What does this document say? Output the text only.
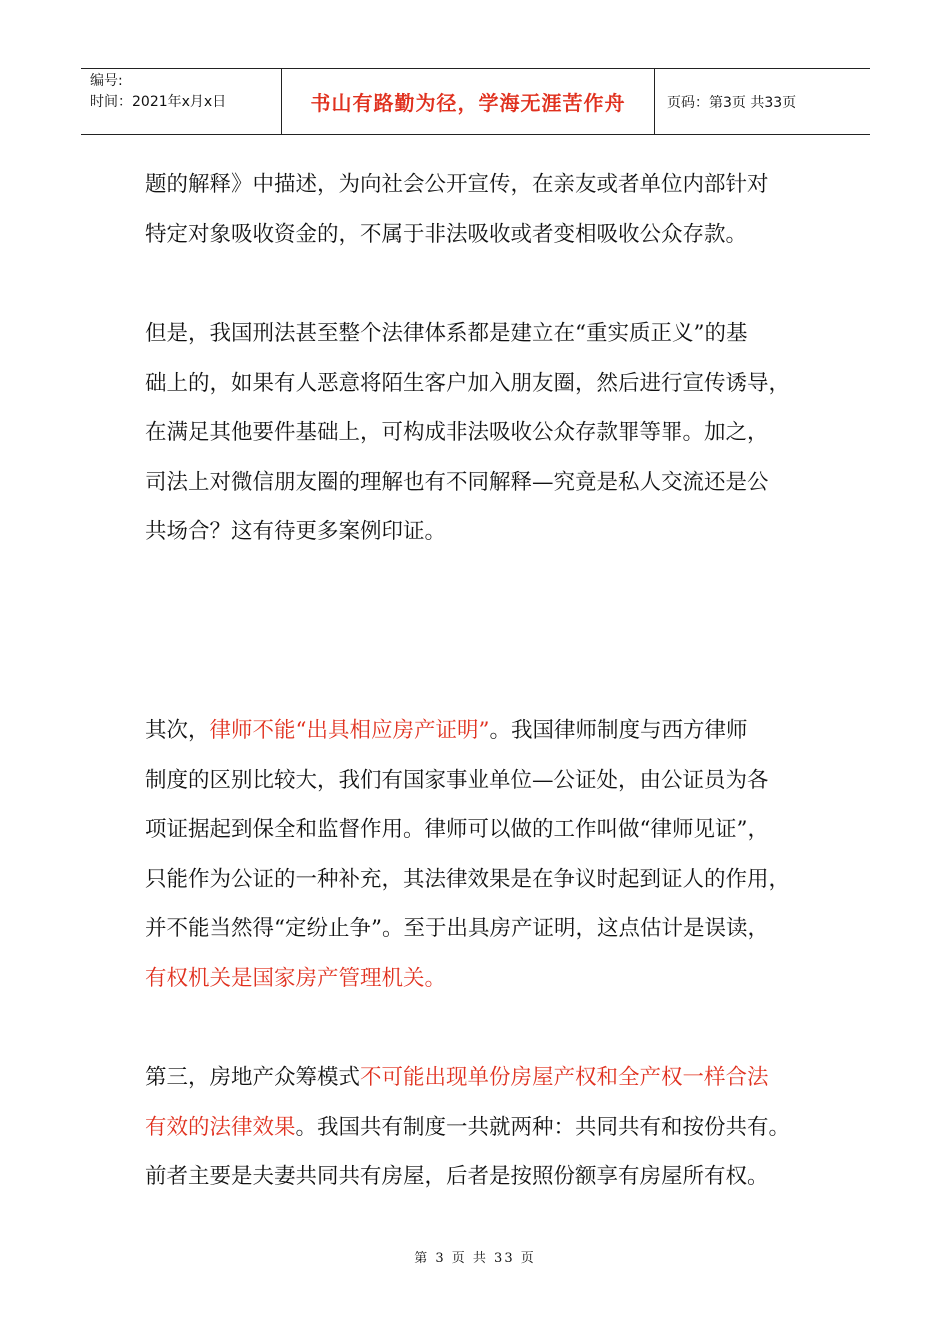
编号:
时间：2021年x月x日	书山有路勤为径，学海无涯苦作舟	页码：第3页 共33页

题的解释》中描述，为向社会公开宣传，在亲友或者单位内部针对
特定对象吸收资金的，不属于非法吸收或者变相吸收公众存款。

但是，我国刑法甚至整个法律体系都是建立在“重实质正义”的基
础上的，如果有人恶意将陌生客户加入朋友圈，然后进行宣传诱导，
在满足其他要件基础上，可构成非法吸收公众存款罪等罪。加之，
司法上对微信朋友圈的理解也有不同解释—究竟是私人交流还是公
共场合？这有待更多案例印证。

其次，律师不能“出具相应房产证明”。我国律师制度与西方律师
制度的区别比较大，我们有国家事业单位—公证处，由公证员为各
项证据起到保全和监督作用。律师可以做的工作叫做“律师见证”，
只能作为公证的一种补充，其法律效果是在争议时起到证人的作用，
并不能当然得“定纷止争”。至于出具房产证明，这点估计是误读，
有权机关是国家房产管理机关。

第三，房地产众筹模式不可能出现单份房屋产权和全产权一样合法
有效的法律效果。我国共有制度一共就两种：共同共有和按份共有。
前者主要是夫妻共同共有房屋，后者是按照份额享有房屋所有权。

第 3 页 共 33 页
